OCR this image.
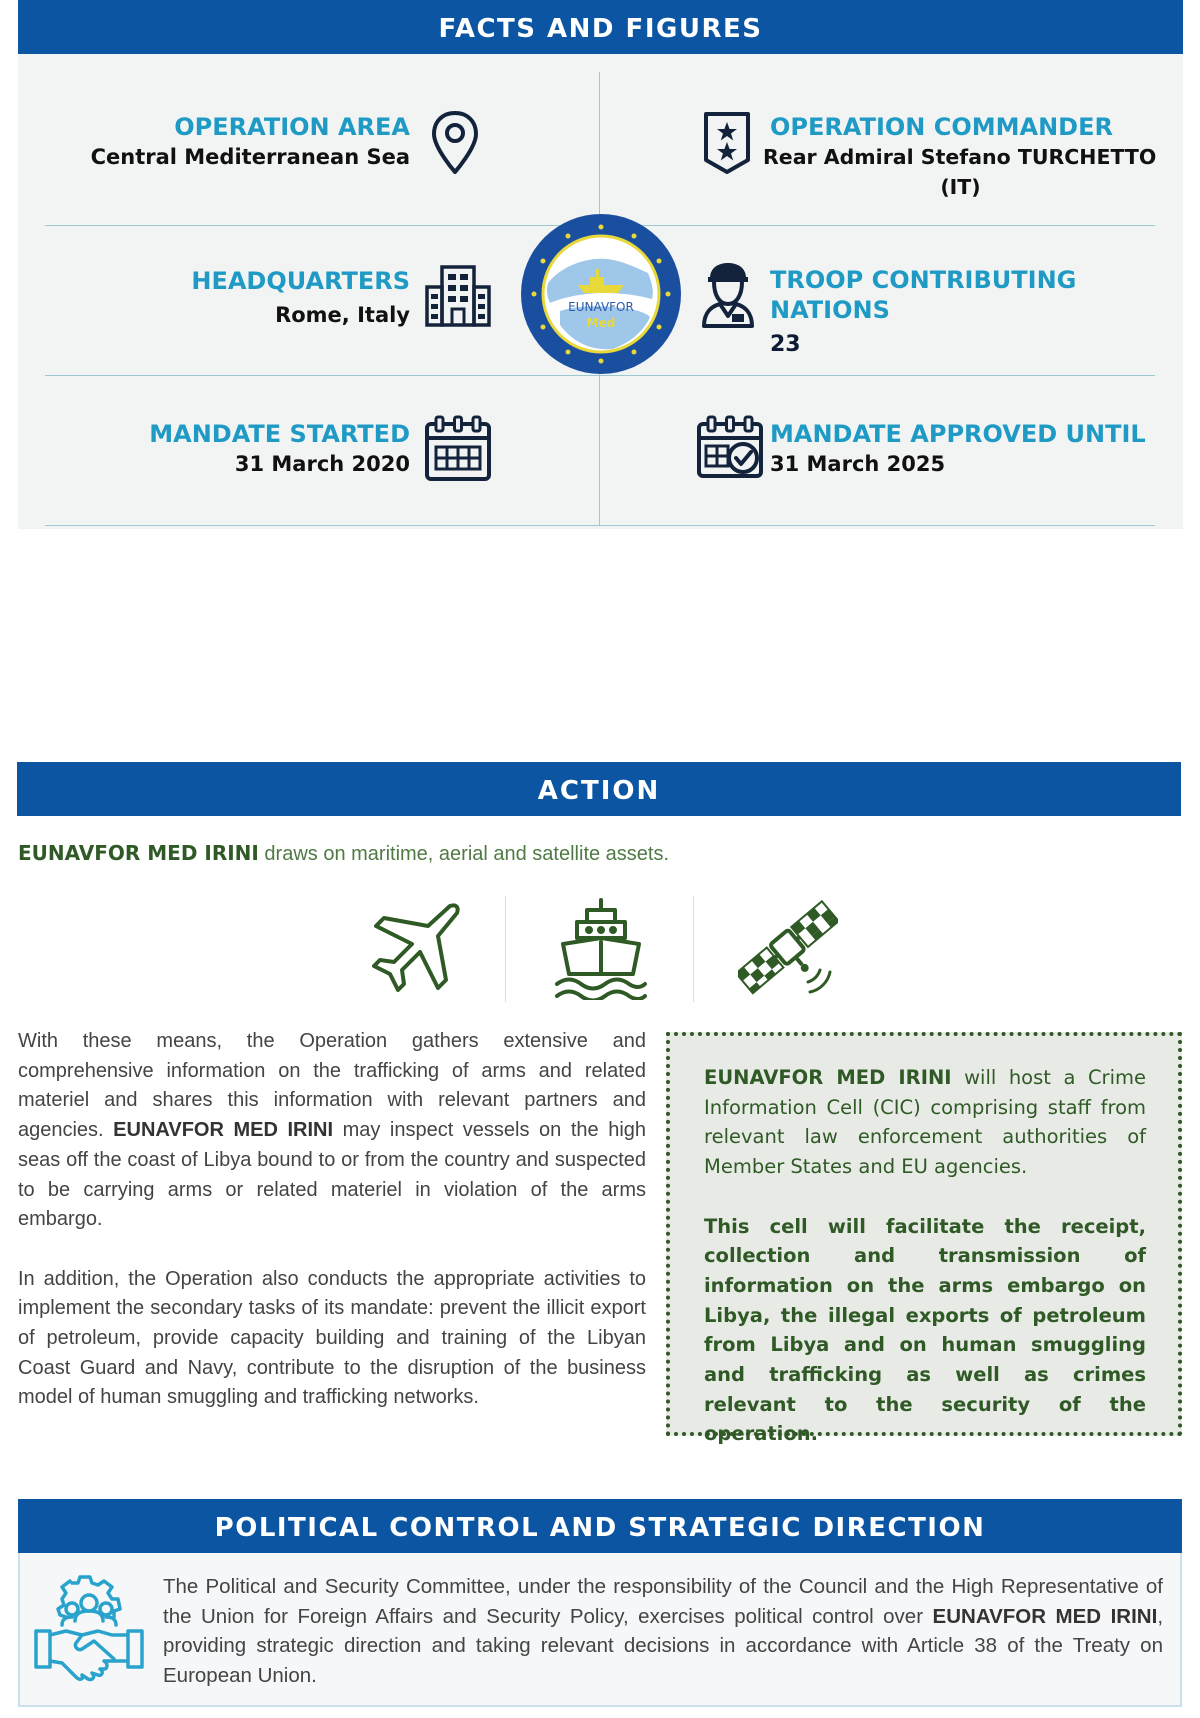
FACTS AND FIGURES
OPERATION AREA
Central Mediterranean Sea
OPERATION COMMANDER
Rear Admiral Stefano TURCHETTO
(IT)
HEADQUARTERS
Rome, Italy
TROOP CONTRIBUTING
NATIONS
23
MANDATE STARTED
31 March 2020
MANDATE APPROVED UNTIL
31 March 2025
EUNAVFOR
Med
ACTION
EUNAVFOR MED IRINI draws on maritime, aerial and satellite assets.

With these means, the Operation gathers extensive and comprehensive information on the trafficking of arms and related materiel and shares this information with relevant partners and agencies. EUNAVFOR MED IRINI may inspect vessels on the high seas off the coast of Libya bound to or from the country and suspected to be carrying arms or related materiel in violation of the arms embargo.

In addition, the Operation also conducts the appropriate activities to implement the secondary tasks of its mandate: prevent the illicit export of petroleum, provide capacity building and training of the Libyan Coast Guard and Navy, contribute to the disruption of the business model of human smuggling and trafficking networks.

EUNAVFOR MED IRINI will host a Crime Information Cell (CIC) comprising staff from relevant law enforcement authorities of Member States and EU agencies.

This cell will facilitate the receipt, collection and transmission of information on the arms embargo on Libya, the illegal exports of petroleum from Libya and on human smuggling and trafficking as well as crimes relevant to the security of the operation.

POLITICAL CONTROL AND STRATEGIC DIRECTION
The Political and Security Committee, under the responsibility of the Council and the High Representative of the Union for Foreign Affairs and Security Policy, exercises political control over EUNAVFOR MED IRINI, providing strategic direction and taking relevant decisions in accordance with Article 38 of the Treaty on European Union.
